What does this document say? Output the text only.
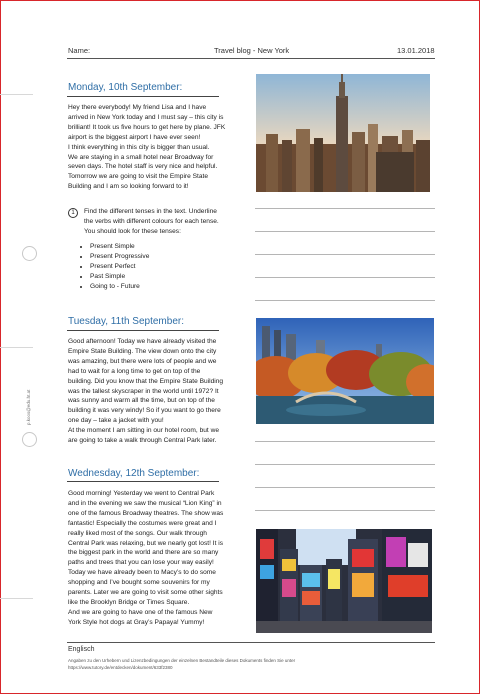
Name:	Travel blog - New York	13.01.2018
p.koos@edu.ht.at
Monday, 10th September:

Hey there everybody! My friend Lisa and I have

arrived in New York today and I must say – this city is

brilliant! It took us five hours to get here by plane. JFK

airport is the biggest airport I have ever seen!

I think everything in this city is bigger than usual.

We are staying in a small hotel near Broadway for

seven days. The hotel staff is very nice and helpful.

Tomorrow we are going to visit the Empire State

Building and I am so looking forward to it!

1	Find the different tenses in the text. Underline
the verbs with different colours for each tense.
You should look for these tenses:
• Present Simple
• Present Progressive
• Present Perfect
• Past Simple
• Going to - Future
Tuesday, 11th September:

Good afternoon! Today we have already visited the

Empire State Building. The view down onto the city

was amazing, but there were lots of people and we

had to wait for a long time to get on top of the

building. Did you know that the Empire State Building

was the tallest skyscraper in the world until 1972? It

was sunny and warm all the time, but on top of the

building it was very windy! So if you want to go there

one day – take a jacket with you!

At the moment I am sitting in our hotel room, but we

are going to take a walk through Central Park later.

Wednesday, 12th September:

Good morning! Yesterday we went to Central Park

and in the evening we saw the musical “Lion King” in

one of the famous Broadway theatres. The show was

fantastic! Especially the costumes were great and I

really liked most of the songs. Our walk through

Central Park was relaxing, but we nearly got lost! It is

the biggest park in the world and there are so many

paths and trees that you can lose your way easily!

Today we have already been to Macy’s to do some

shopping and I’ve bought some souvenirs for my

parents. Later we are going to visit some other sights

like the Brooklyn Bridge or Times Square.

And we are going to have one of the famous New

York Style hot dogs at Gray’s Papaya! Yummy!

Englisch
Angaben zu den Urhebern und Lizenzbedingungen der einzelnen Bestandteile dieses Dokuments finden Sie unter
https://www.tutory.de/entdecken/dokument/633f2380
